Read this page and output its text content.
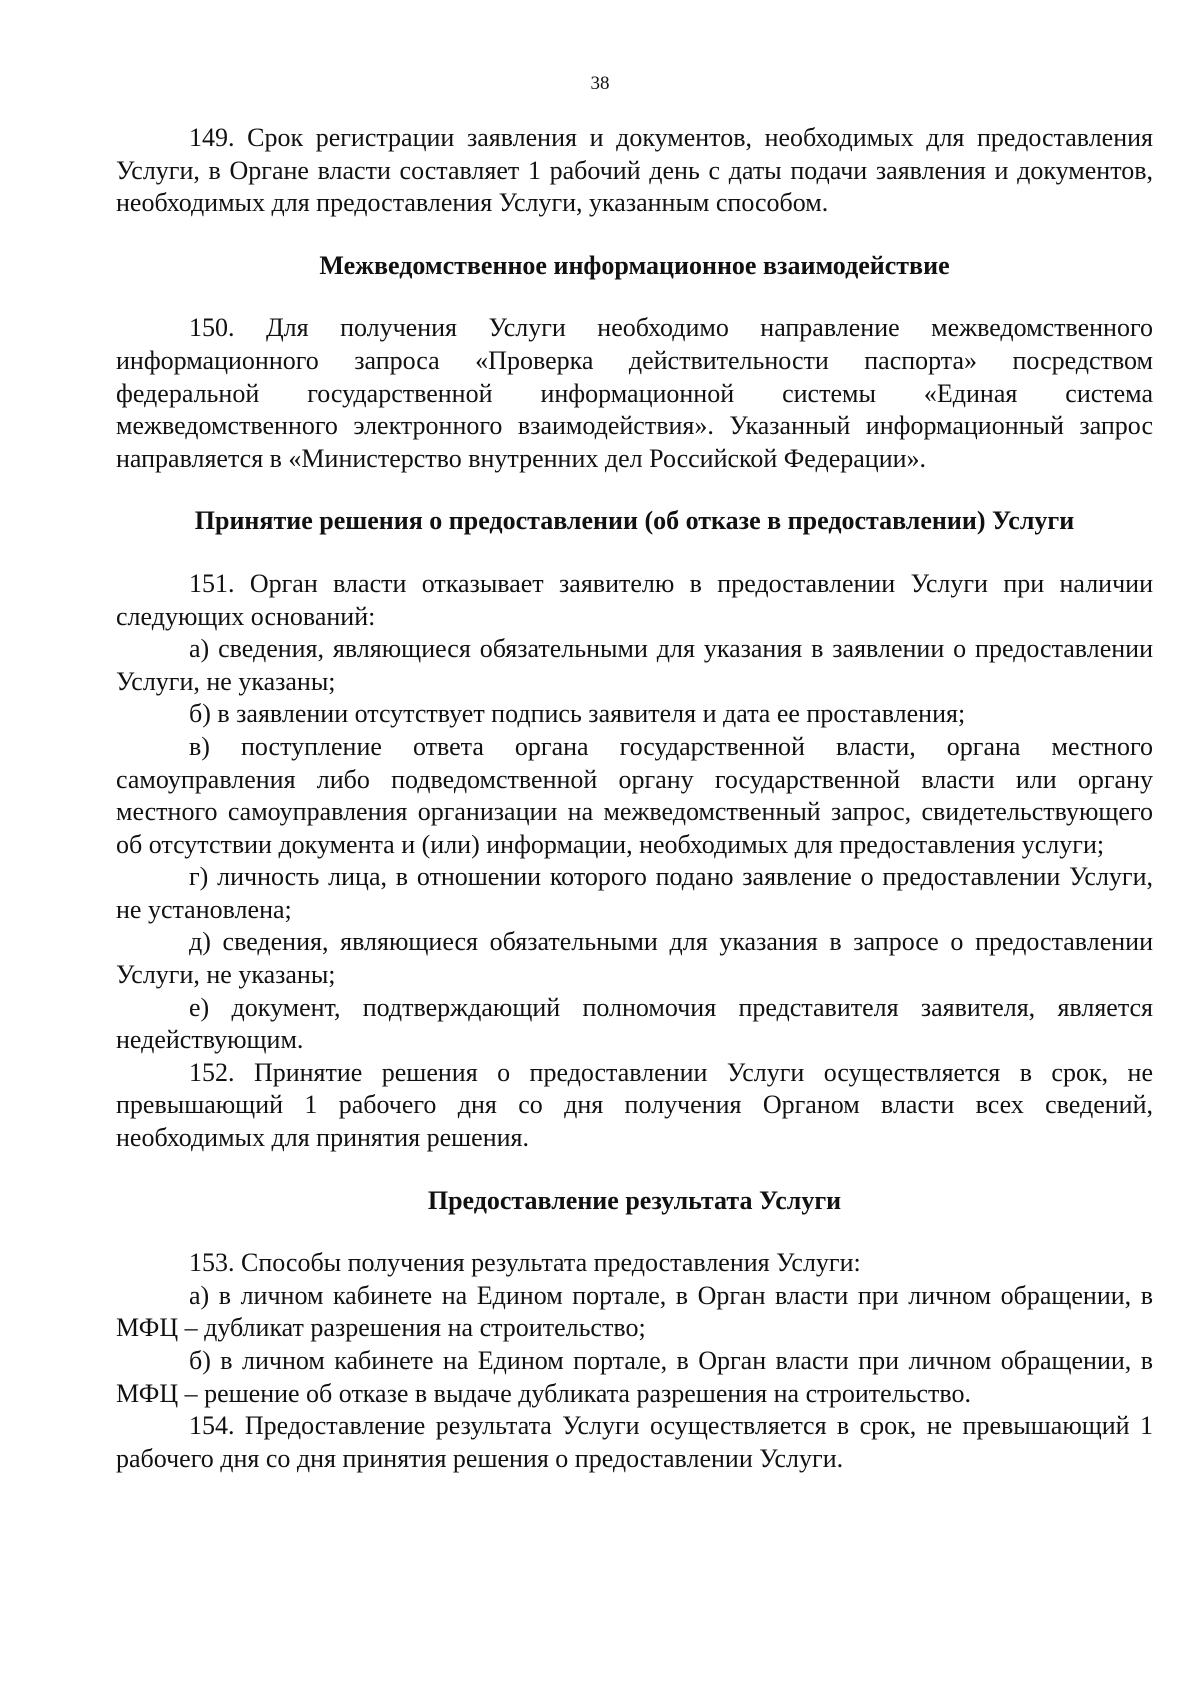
38

149. Срок регистрации заявления и документов, необходимых для предоставления Услуги, в Органе власти составляет 1 рабочий день с даты подачи заявления и документов, необходимых для предоставления Услуги, указанным способом.

Межведомственное информационное взаимодействие

150. Для получения Услуги необходимо направление межведомственного информационного запроса «Проверка действительности паспорта» посредством федеральной государственной информационной системы «Единая система межведомственного электронного взаимодействия». Указанный информационный запрос направляется в «Министерство внутренних дел Российской Федерации».

Принятие решения о предоставлении (об отказе в предоставлении) Услуги

151. Орган власти отказывает заявителю в предоставлении Услуги при наличии следующих оснований:

а) сведения, являющиеся обязательными для указания в заявлении о предоставлении Услуги, не указаны;

б) в заявлении отсутствует подпись заявителя и дата ее проставления;

в) поступление ответа органа государственной власти, органа местного самоуправления либо подведомственной органу государственной власти или органу местного самоуправления организации на межведомственный запрос, свидетельствующего об отсутствии документа и (или) информации, необходимых для предоставления услуги;

г) личность лица, в отношении которого подано заявление о предоставлении Услуги, не установлена;

д) сведения, являющиеся обязательными для указания в запросе о предоставлении Услуги, не указаны;

е) документ, подтверждающий полномочия представителя заявителя, является недействующим.

152. Принятие решения о предоставлении Услуги осуществляется в срок, не превышающий 1 рабочего дня со дня получения Органом власти всех сведений, необходимых для принятия решения.

Предоставление результата Услуги

153. Способы получения результата предоставления Услуги:

а) в личном кабинете на Едином портале, в Орган власти при личном обращении, в МФЦ – дубликат разрешения на строительство;

б) в личном кабинете на Едином портале, в Орган власти при личном обращении, в МФЦ – решение об отказе в выдаче дубликата разрешения на строительство.

154. Предоставление результата Услуги осуществляется в срок, не превышающий 1 рабочего дня со дня принятия решения о предоставлении Услуги.
